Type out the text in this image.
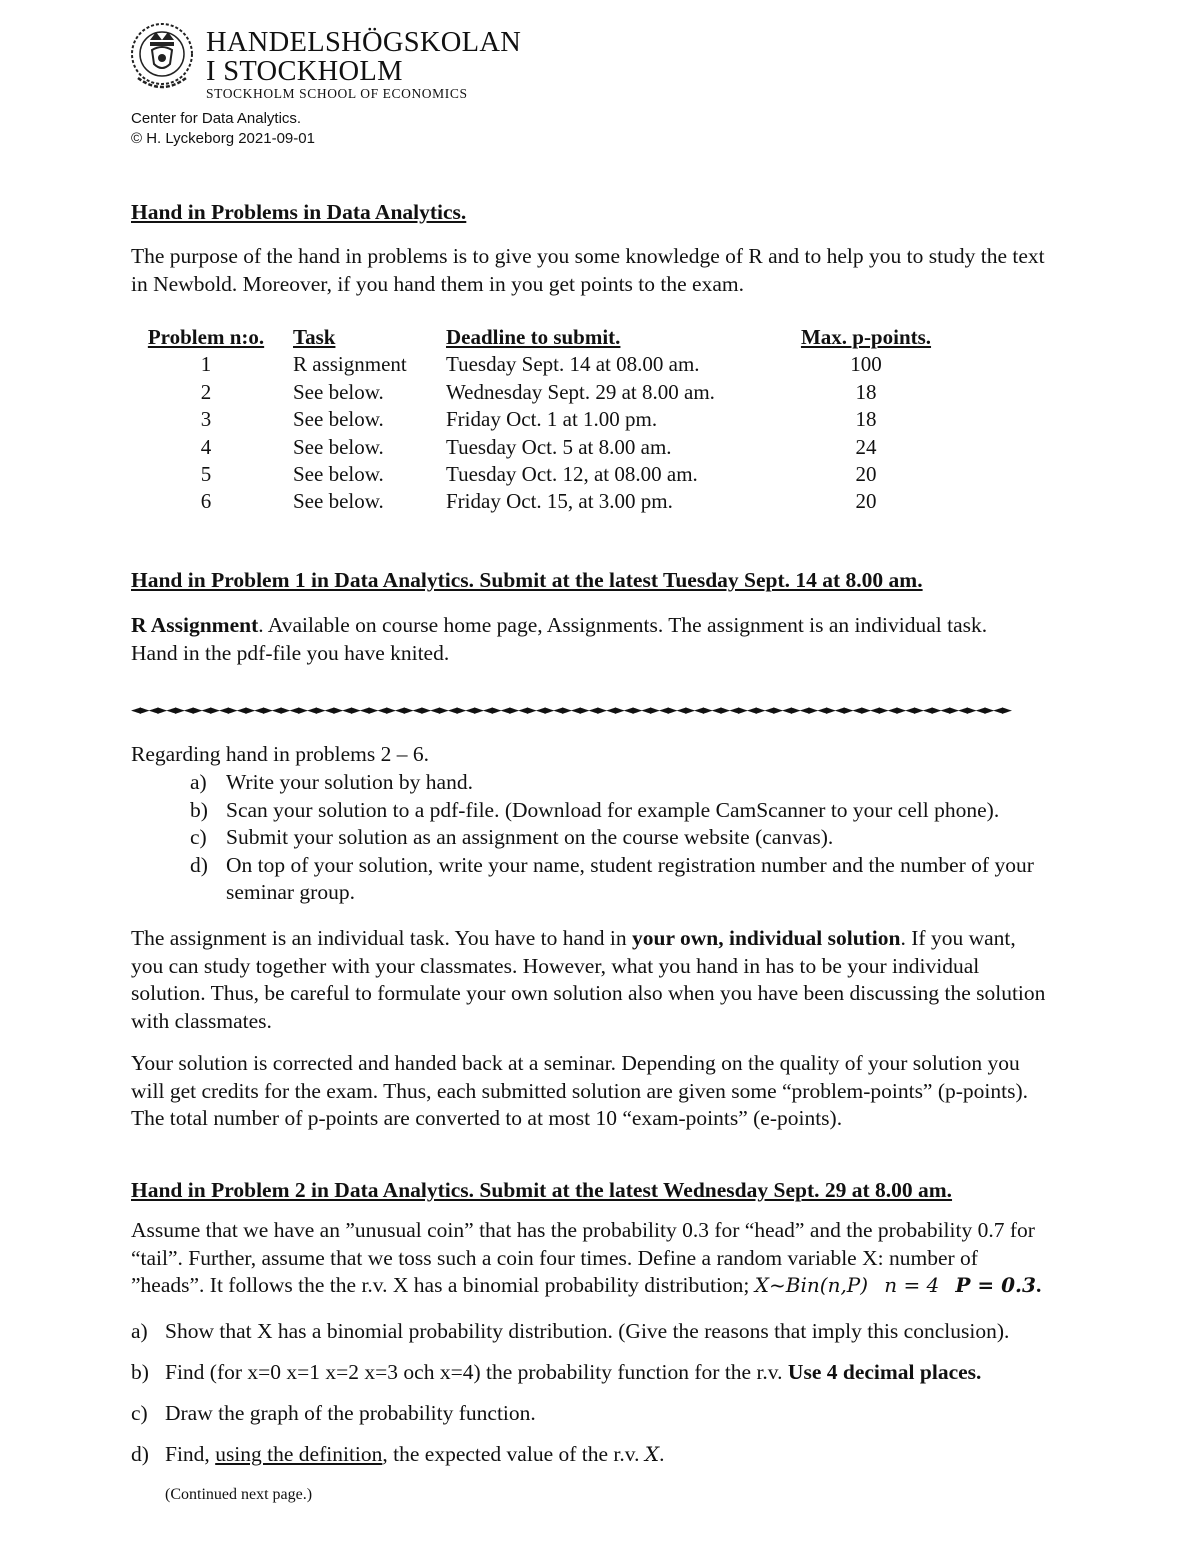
HANDELSHÖGSKOLAN
I STOCKHOLM
STOCKHOLM SCHOOL OF ECONOMICS
Center for Data Analytics.
© H. Lyckeborg 2021-09-01
Hand in Problems in Data Analytics.
The purpose of the hand in problems is to give you some knowledge of R and to help you to study the text
in Newbold. Moreover, if you hand them in you get points to the exam.
Problem n:o.	Task	Deadline to submit.	Max. p-points.
1	R assignment	Tuesday Sept. 14 at 08.00 am.	100
2	See below.	Wednesday Sept. 29 at 8.00 am.	18
3	See below.	Friday Oct. 1 at 1.00 pm.	18
4	See below.	Tuesday Oct. 5 at 8.00 am.	24
5	See below.	Tuesday Oct. 12, at 08.00 am.	20
6	See below.	Friday Oct. 15, at 3.00 pm.	20
Hand in Problem 1 in Data Analytics. Submit at the latest Tuesday Sept. 14 at 8.00 am.
R Assignment. Available on course home page, Assignments. The assignment is an individual task.
Hand in the pdf-file you have knited.
◄►◄►◄►◄►◄►◄►◄►◄►◄►◄►◄►◄►◄►◄►◄►◄►◄►◄►◄►◄►◄►◄►◄►◄►◄►◄►◄►◄►◄►◄►◄►◄►◄►◄►◄►◄►◄►◄►◄►◄►◄►◄►◄►◄►◄►◄►◄►◄►◄►◄►
Regarding hand in problems 2 – 6.
a) Write your solution by hand.
b) Scan your solution to a pdf-file. (Download for example CamScanner to your cell phone).
c) Submit your solution as an assignment on the course website (canvas).
d) On top of your solution, write your name, student registration number and the number of your
seminar group.
The assignment is an individual task. You have to hand in your own, individual solution. If you want,
you can study together with your classmates. However, what you hand in has to be your individual
solution. Thus, be careful to formulate your own solution also when you have been discussing the solution
with classmates.
Your solution is corrected and handed back at a seminar. Depending on the quality of your solution you
will get credits for the exam. Thus, each submitted solution are given some “problem-points” (p-points).
The total number of p-points are converted to at most 10 “exam-points” (e-points).
Hand in Problem 2 in Data Analytics. Submit at the latest Wednesday Sept. 29 at 8.00 am.
Assume that we have an ”unusual coin” that has the probability 0.3 for “head” and the probability 0.7 for
“tail”. Further, assume that we toss such a coin four times. Define a random variable X: number of
”heads”. It follows the the r.v. X has a binomial probability distribution; X~Bin(n,P) n = 4 P = 0.3.
a) Show that X has a binomial probability distribution. (Give the reasons that imply this conclusion).
b) Find (for x=0 x=1 x=2 x=3 och x=4) the probability function for the r.v. Use 4 decimal places.
c) Draw the graph of the probability function.
d) Find, using the definition, the expected value of the r.v. X.
(Continued next page.)
